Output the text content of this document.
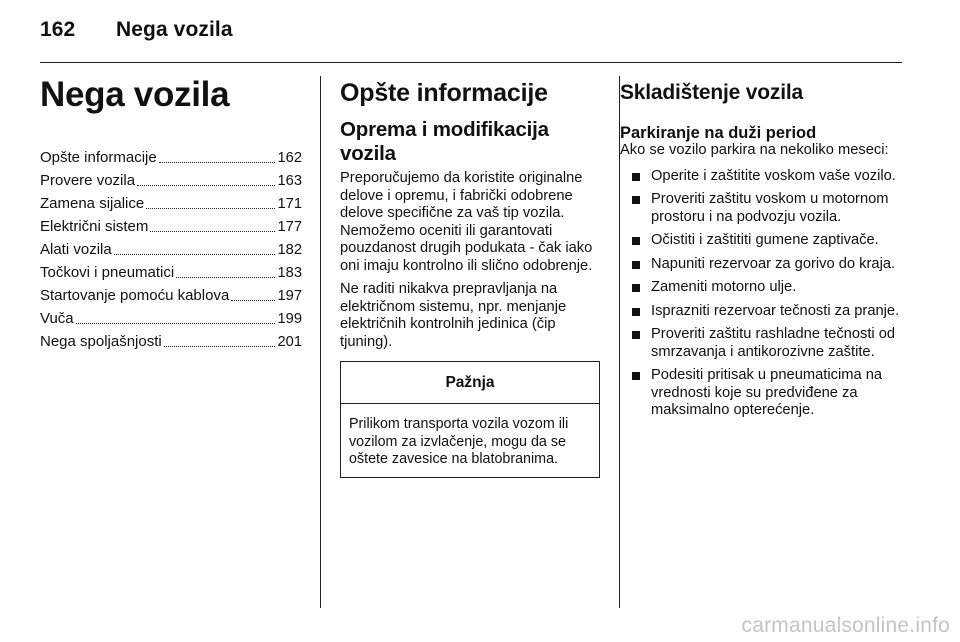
162 Nega vozila
Nega vozila
Opšte informacije	162
Provere vozila	163
Zamena sijalice	171
Električni sistem	177
Alati vozila	182
Točkovi i pneumatici	183
Startovanje pomoću kablova	197
Vuča	199
Nega spoljašnjosti	201
Opšte informacije
Oprema i modifikacija vozila

Preporučujemo da koristite originalne delove i opremu, i fabrički odobrene delove specifične za vaš tip vozila. Nemožemo oceniti ili garantovati pouzdanost drugih podukata - čak iako oni imaju kontrolno ili slično odobrenje.

Ne raditi nikakva prepravljanja na električnom sistemu, npr. menjanje električnih kontrolnih jedinica (čip tjuning).

Pažnja
Prilikom transporta vozila vozom ili vozilom za izvlačenje, mogu da se oštete zavesice na blatobranima.
Skladištenje vozila
Parkiranje na duži period

Ako se vozilo parkira na nekoliko meseci:

Operite i zaštitite voskom vaše vozilo.
Proveriti zaštitu voskom u motornom prostoru i na podvozju vozila.
Očistiti i zaštititi gumene zaptivače.
Napuniti rezervoar za gorivo do kraja.
Zameniti motorno ulje.
Isprazniti rezervoar tečnosti za pranje.
Proveriti zaštitu rashladne tečnosti od smrzavanja i antikorozivne zaštite.
Podesiti pritisak u pneumaticima na vrednosti koje su predviđene za maksimalno opterećenje.
carmanualsonline.info
